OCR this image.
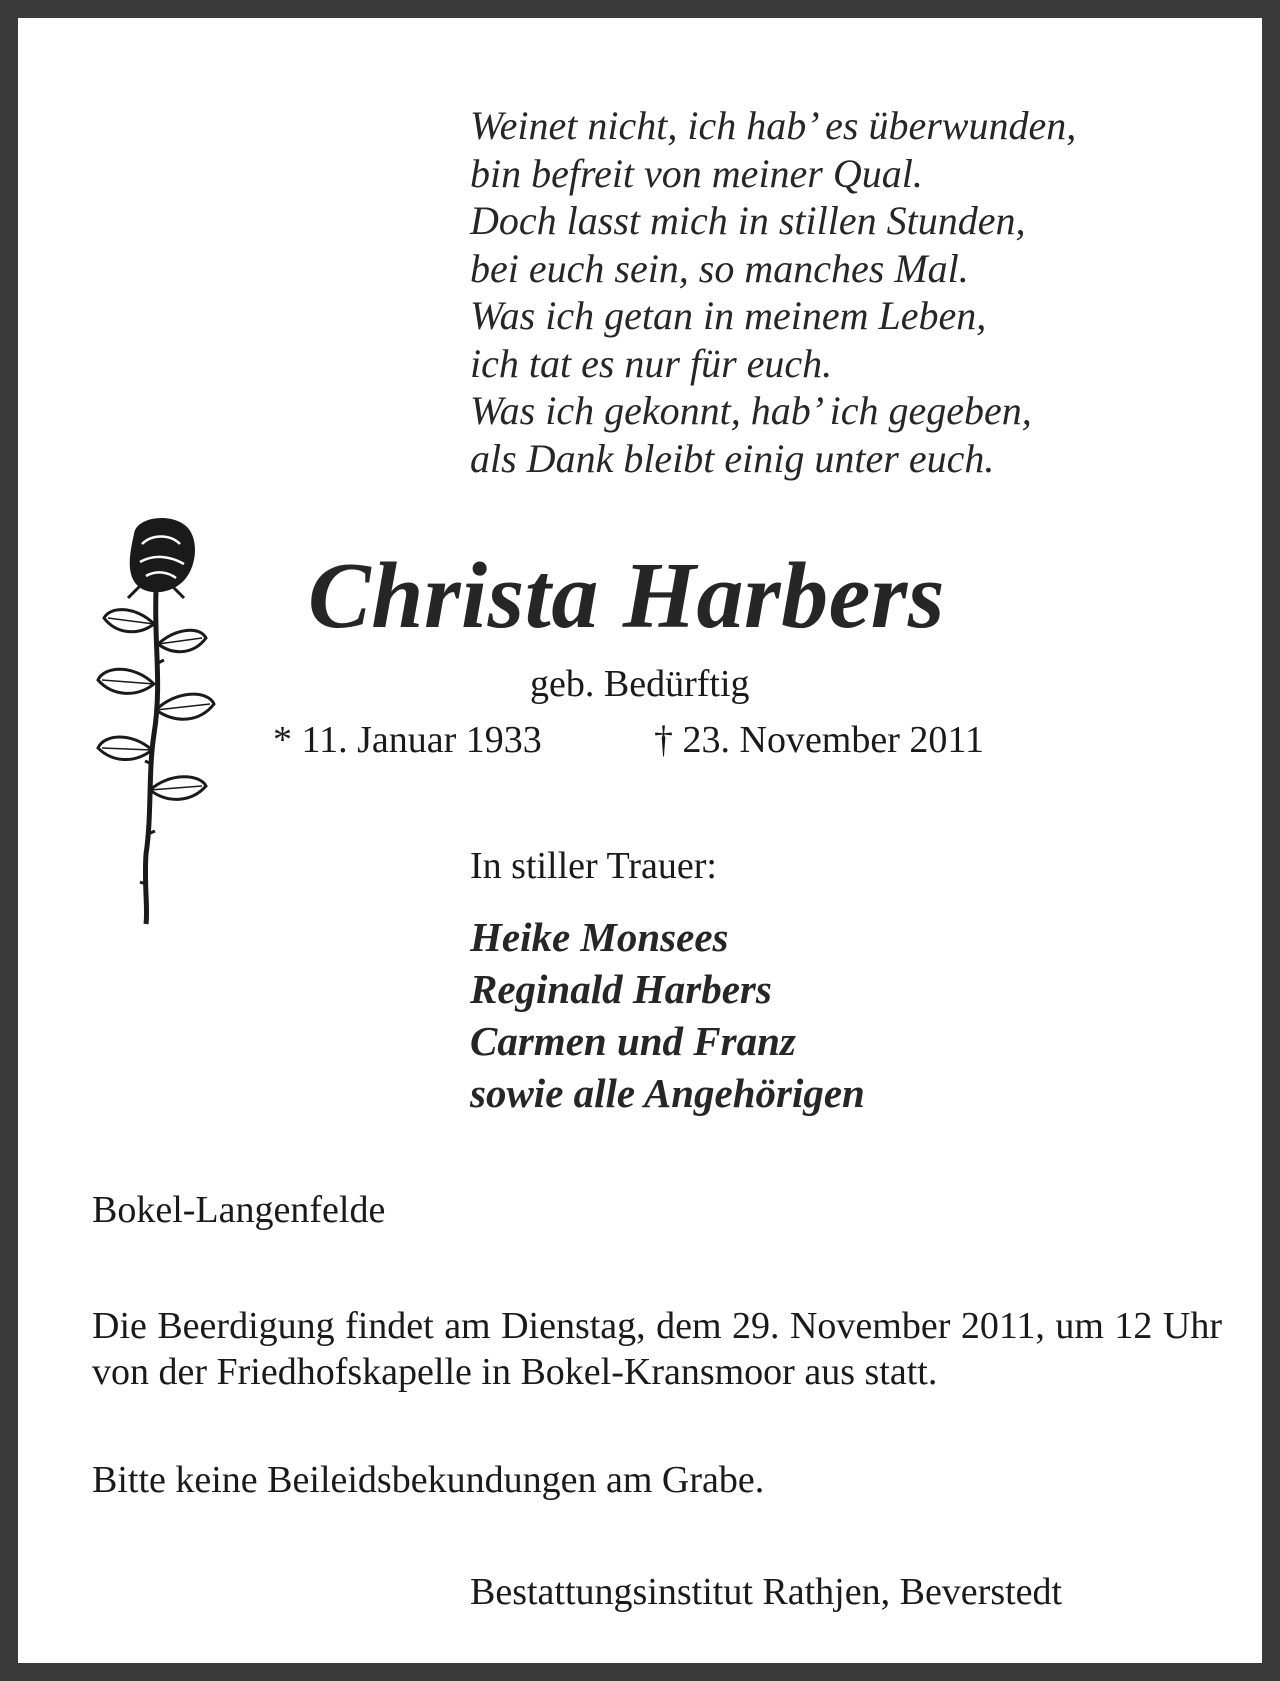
Weinet nicht, ich hab’ es überwunden,
bin befreit von meiner Qual.
Doch lasst mich in stillen Stunden,
bei euch sein, so manches Mal.
Was ich getan in meinem Leben,
ich tat es nur für euch.
Was ich gekonnt, hab’ ich gegeben,
als Dank bleibt einig unter euch.
Christa Harbers
geb. Bedürftig
* 11. Januar 1933	† 23. November 2011
In stiller Trauer:
Heike Monsees
Reginald Harbers
Carmen und Franz
sowie alle Angehörigen
Bokel-Langenfelde
Die Beerdigung findet am Dienstag, dem 29. November 2011, um 12 Uhr von der Friedhofskapelle in Bokel-Kransmoor aus statt.
Bitte keine Beileidsbekundungen am Grabe.
Bestattungsinstitut Rathjen, Beverstedt
